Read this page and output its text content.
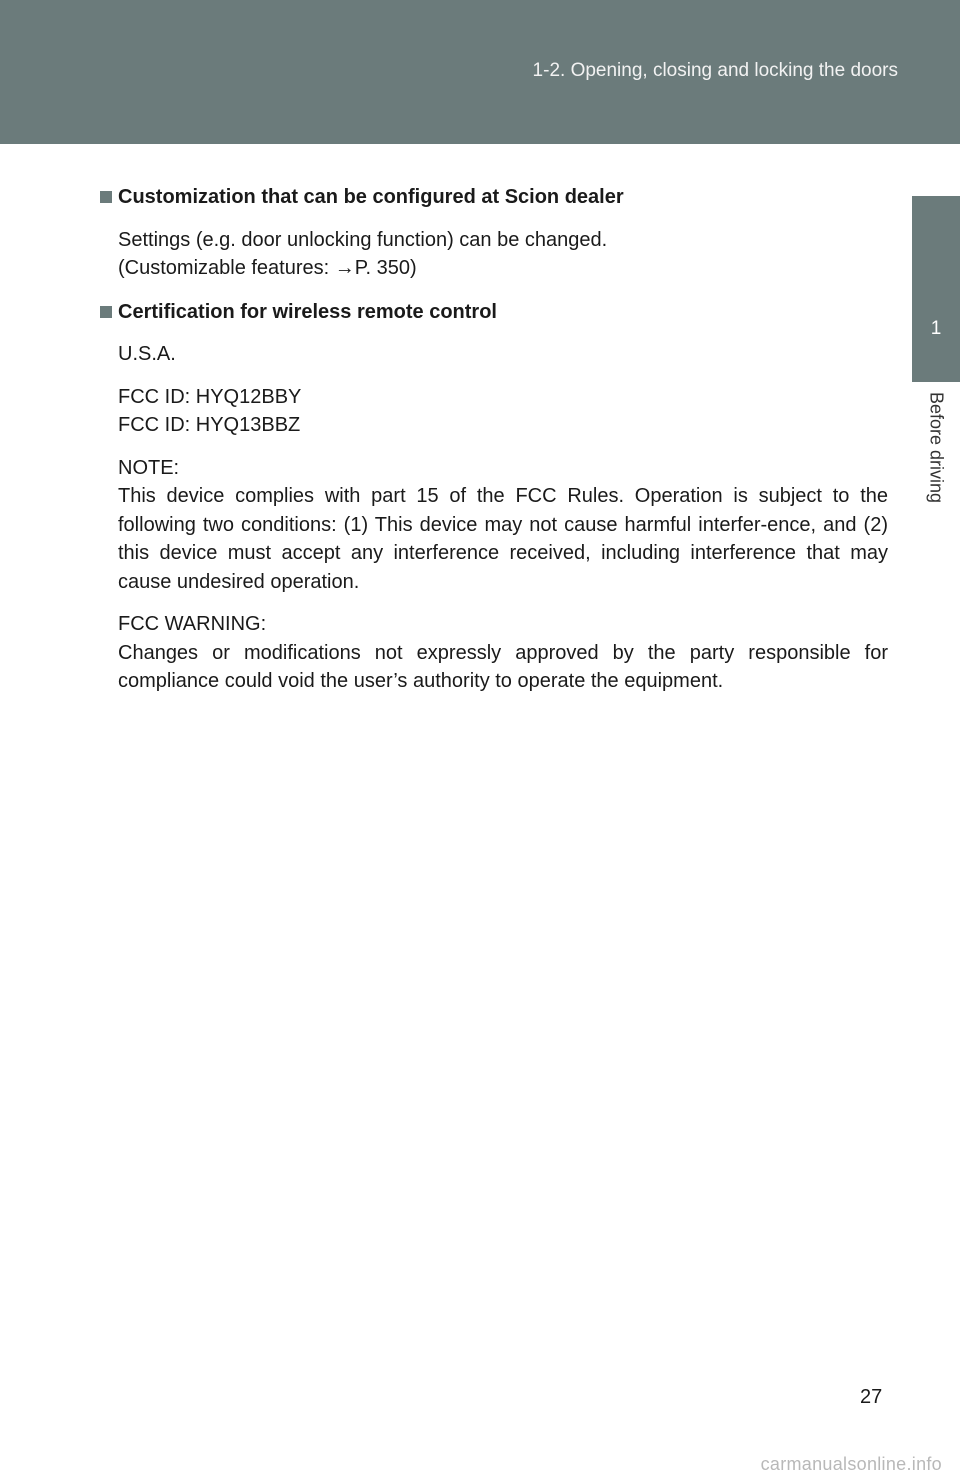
1-2. Opening, closing and locking the doors
1
Before driving
Customization that can be configured at Scion dealer
Settings (e.g. door unlocking function) can be changed.
(Customizable features: →P. 350)
Certification for wireless remote control
U.S.A.
FCC ID: HYQ12BBY
FCC ID: HYQ13BBZ
NOTE:
This device complies with part 15 of the FCC Rules. Operation is subject to the following two conditions: (1) This device may not cause harmful interfer-ence, and (2) this device must accept any interference received, including interference that may cause undesired operation.
FCC WARNING:
Changes or modifications not expressly approved by the party responsible for compliance could void the user’s authority to operate the equipment.
27
carmanualsonline.info
